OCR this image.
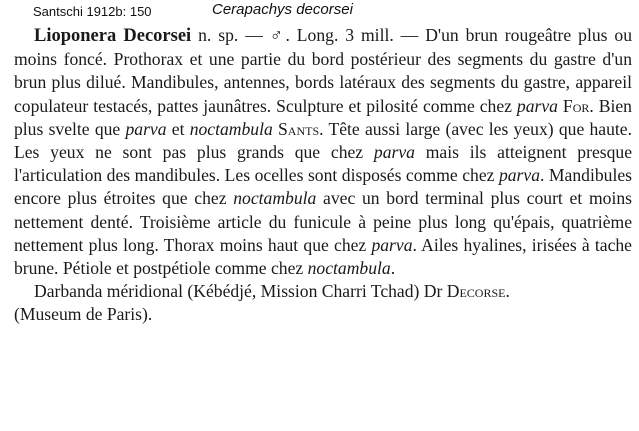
Santschi 1912b: 150	Cerapachys decorsei

Lioponera Decorsei n. sp. — ♂. Long. 3 mill. — D'un brun rougeâtre plus ou moins foncé. Prothorax et une partie du bord postérieur des segments du gastre d'un brun plus dilué. Mandibules, antennes, bords latéraux des segments du gastre, appareil copulateur testacés, pattes jaunâtres. Sculpture et pilosité comme chez parva For. Bien plus svelte que parva et noctambula Sants. Tête aussi large (avec les yeux) que haute. Les yeux ne sont pas plus grands que chez parva mais ils atteignent presque l'articulation des mandibules. Les ocelles sont disposés comme chez parva. Mandibules encore plus étroites que chez noctambula avec un bord terminal plus court et moins nettement denté. Troisième article du funicule à peine plus long qu'épais, quatrième nettement plus long. Thorax moins haut que chez parva. Ailes hyalines, irisées à tache brune. Pétiole et postpétiole comme chez noctambula.

Darbanda méridional (Kébédjé, Mission Charri Tchad) Dr Decorse.
(Museum de Paris).
